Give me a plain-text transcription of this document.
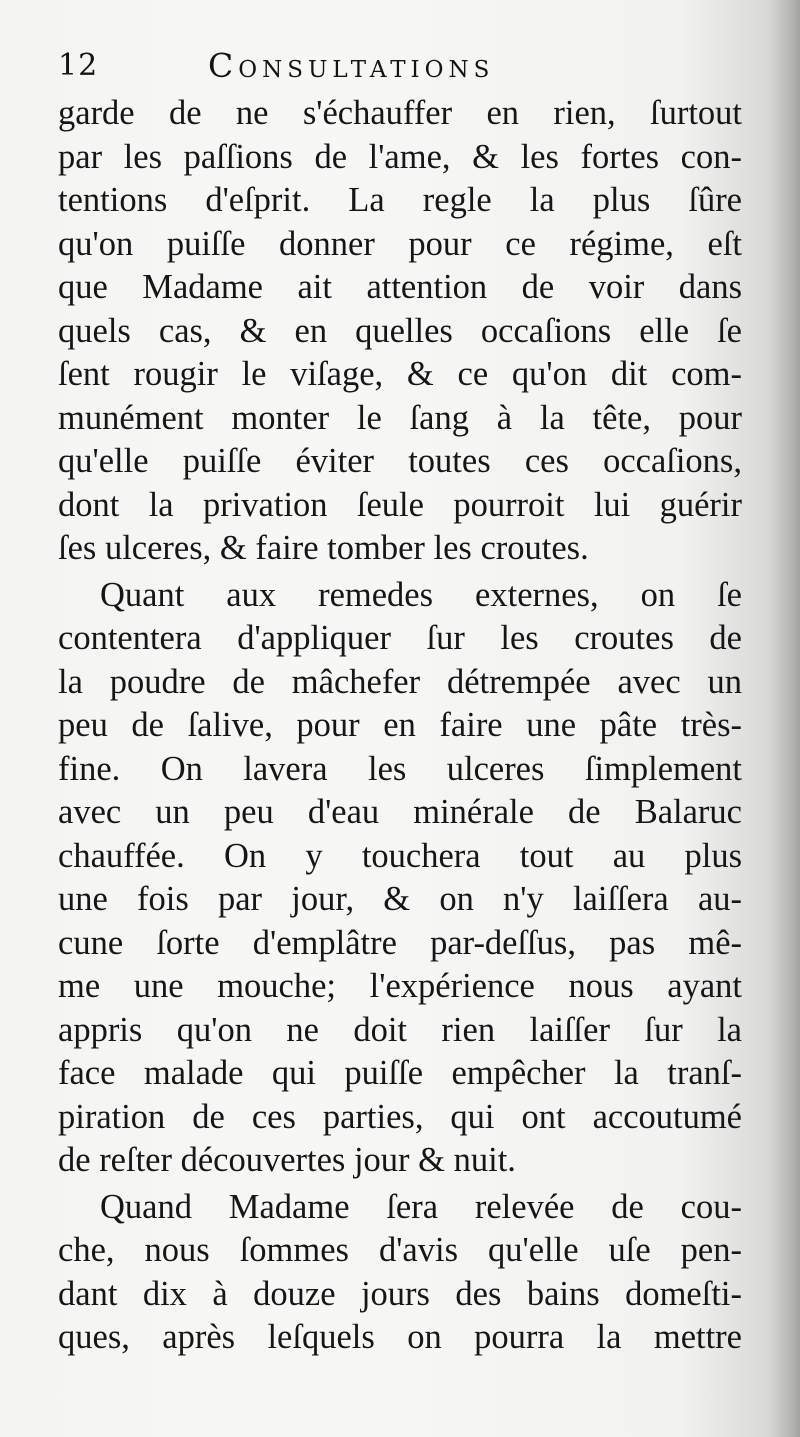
12	Consultations
garde de ne s'échauffer en rien, ſurtout
par les paſſions de l'ame, & les fortes con-
tentions d'eſprit. La regle la plus ſûre
qu'on puiſſe donner pour ce régime, eſt
que Madame ait attention de voir dans
quels cas, & en quelles occaſions elle ſe
ſent rougir le viſage, & ce qu'on dit com-
munément monter le ſang à la tête, pour
qu'elle puiſſe éviter toutes ces occaſions,
dont la privation ſeule pourroit lui guérir
ſes ulceres, & faire tomber les croutes.
Quant aux remedes externes, on ſe
contentera d'appliquer ſur les croutes de
la poudre de mâchefer détrempée avec un
peu de ſalive, pour en faire une pâte très-
fine. On lavera les ulceres ſimplement
avec un peu d'eau minérale de Balaruc
chauffée. On y touchera tout au plus
une fois par jour, & on n'y laiſſera au-
cune ſorte d'emplâtre par-deſſus, pas mê-
me une mouche; l'expérience nous ayant
appris qu'on ne doit rien laiſſer ſur la
face malade qui puiſſe empêcher la tranſ-
piration de ces parties, qui ont accoutumé
de reſter découvertes jour & nuit.
Quand Madame ſera relevée de cou-
che, nous ſommes d'avis qu'elle uſe pen-
dant dix à douze jours des bains domeſti-
ques, après leſquels on pourra la mettre
